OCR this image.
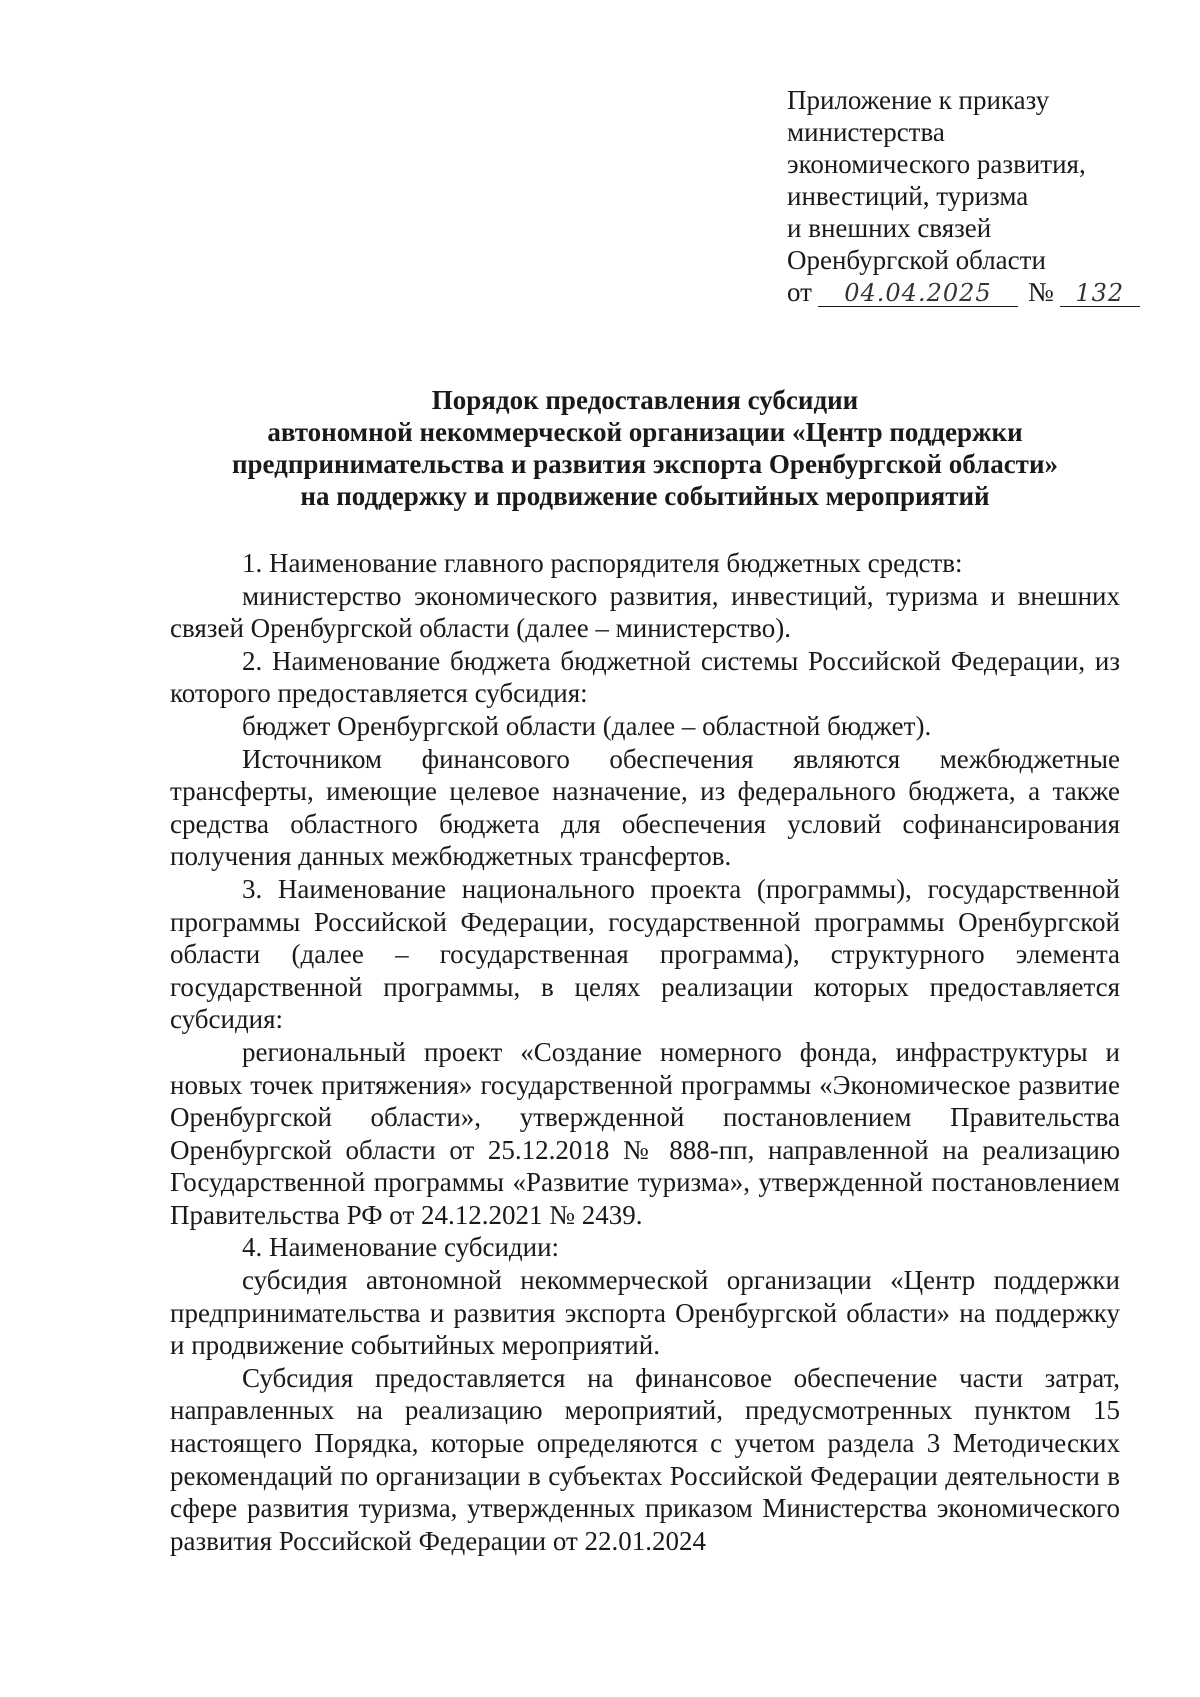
Приложение к приказу
министерства
экономического развития,
инвестиций, туризма
и внешних связей
Оренбургской области
от 04.04.2025 № 132
Порядок предоставления субсидии
автономной некоммерческой организации «Центр поддержки
предпринимательства и развития экспорта Оренбургской области»
на поддержку и продвижение событийных мероприятий

1. Наименование главного распорядителя бюджетных средств:

министерство экономического развития, инвестиций, туризма и внешних связей Оренбургской области (далее – министерство).

2. Наименование бюджета бюджетной системы Российской Федерации, из которого предоставляется субсидия:

бюджет Оренбургской области (далее – областной бюджет).

Источником финансового обеспечения являются межбюджетные трансферты, имеющие целевое назначение, из федерального бюджета, а также средства областного бюджета для обеспечения условий софинансирования получения данных межбюджетных трансфертов.

3. Наименование национального проекта (программы), государственной программы Российской Федерации, государственной программы Оренбургской области (далее – государственная программа), структурного элемента государственной программы, в целях реализации которых предоставляется субсидия:

региональный проект «Создание номерного фонда, инфраструктуры и новых точек притяжения» государственной программы «Экономическое развитие Оренбургской области», утвержденной постановлением Правительства Оренбургской области от 25.12.2018 № 888-пп, направленной на реализацию Государственной программы «Развитие туризма», утвержденной постановлением Правительства РФ от 24.12.2021 № 2439.

4. Наименование субсидии:

субсидия автономной некоммерческой организации «Центр поддержки предпринимательства и развития экспорта Оренбургской области» на поддержку и продвижение событийных мероприятий.

Субсидия предоставляется на финансовое обеспечение части затрат, направленных на реализацию мероприятий, предусмотренных пунктом 15 настоящего Порядка, которые определяются с учетом раздела 3 Методических рекомендаций по организации в субъектах Российской Федерации деятельности в сфере развития туризма, утвержденных приказом Министерства экономического развития Российской Федерации от 22.01.2024
